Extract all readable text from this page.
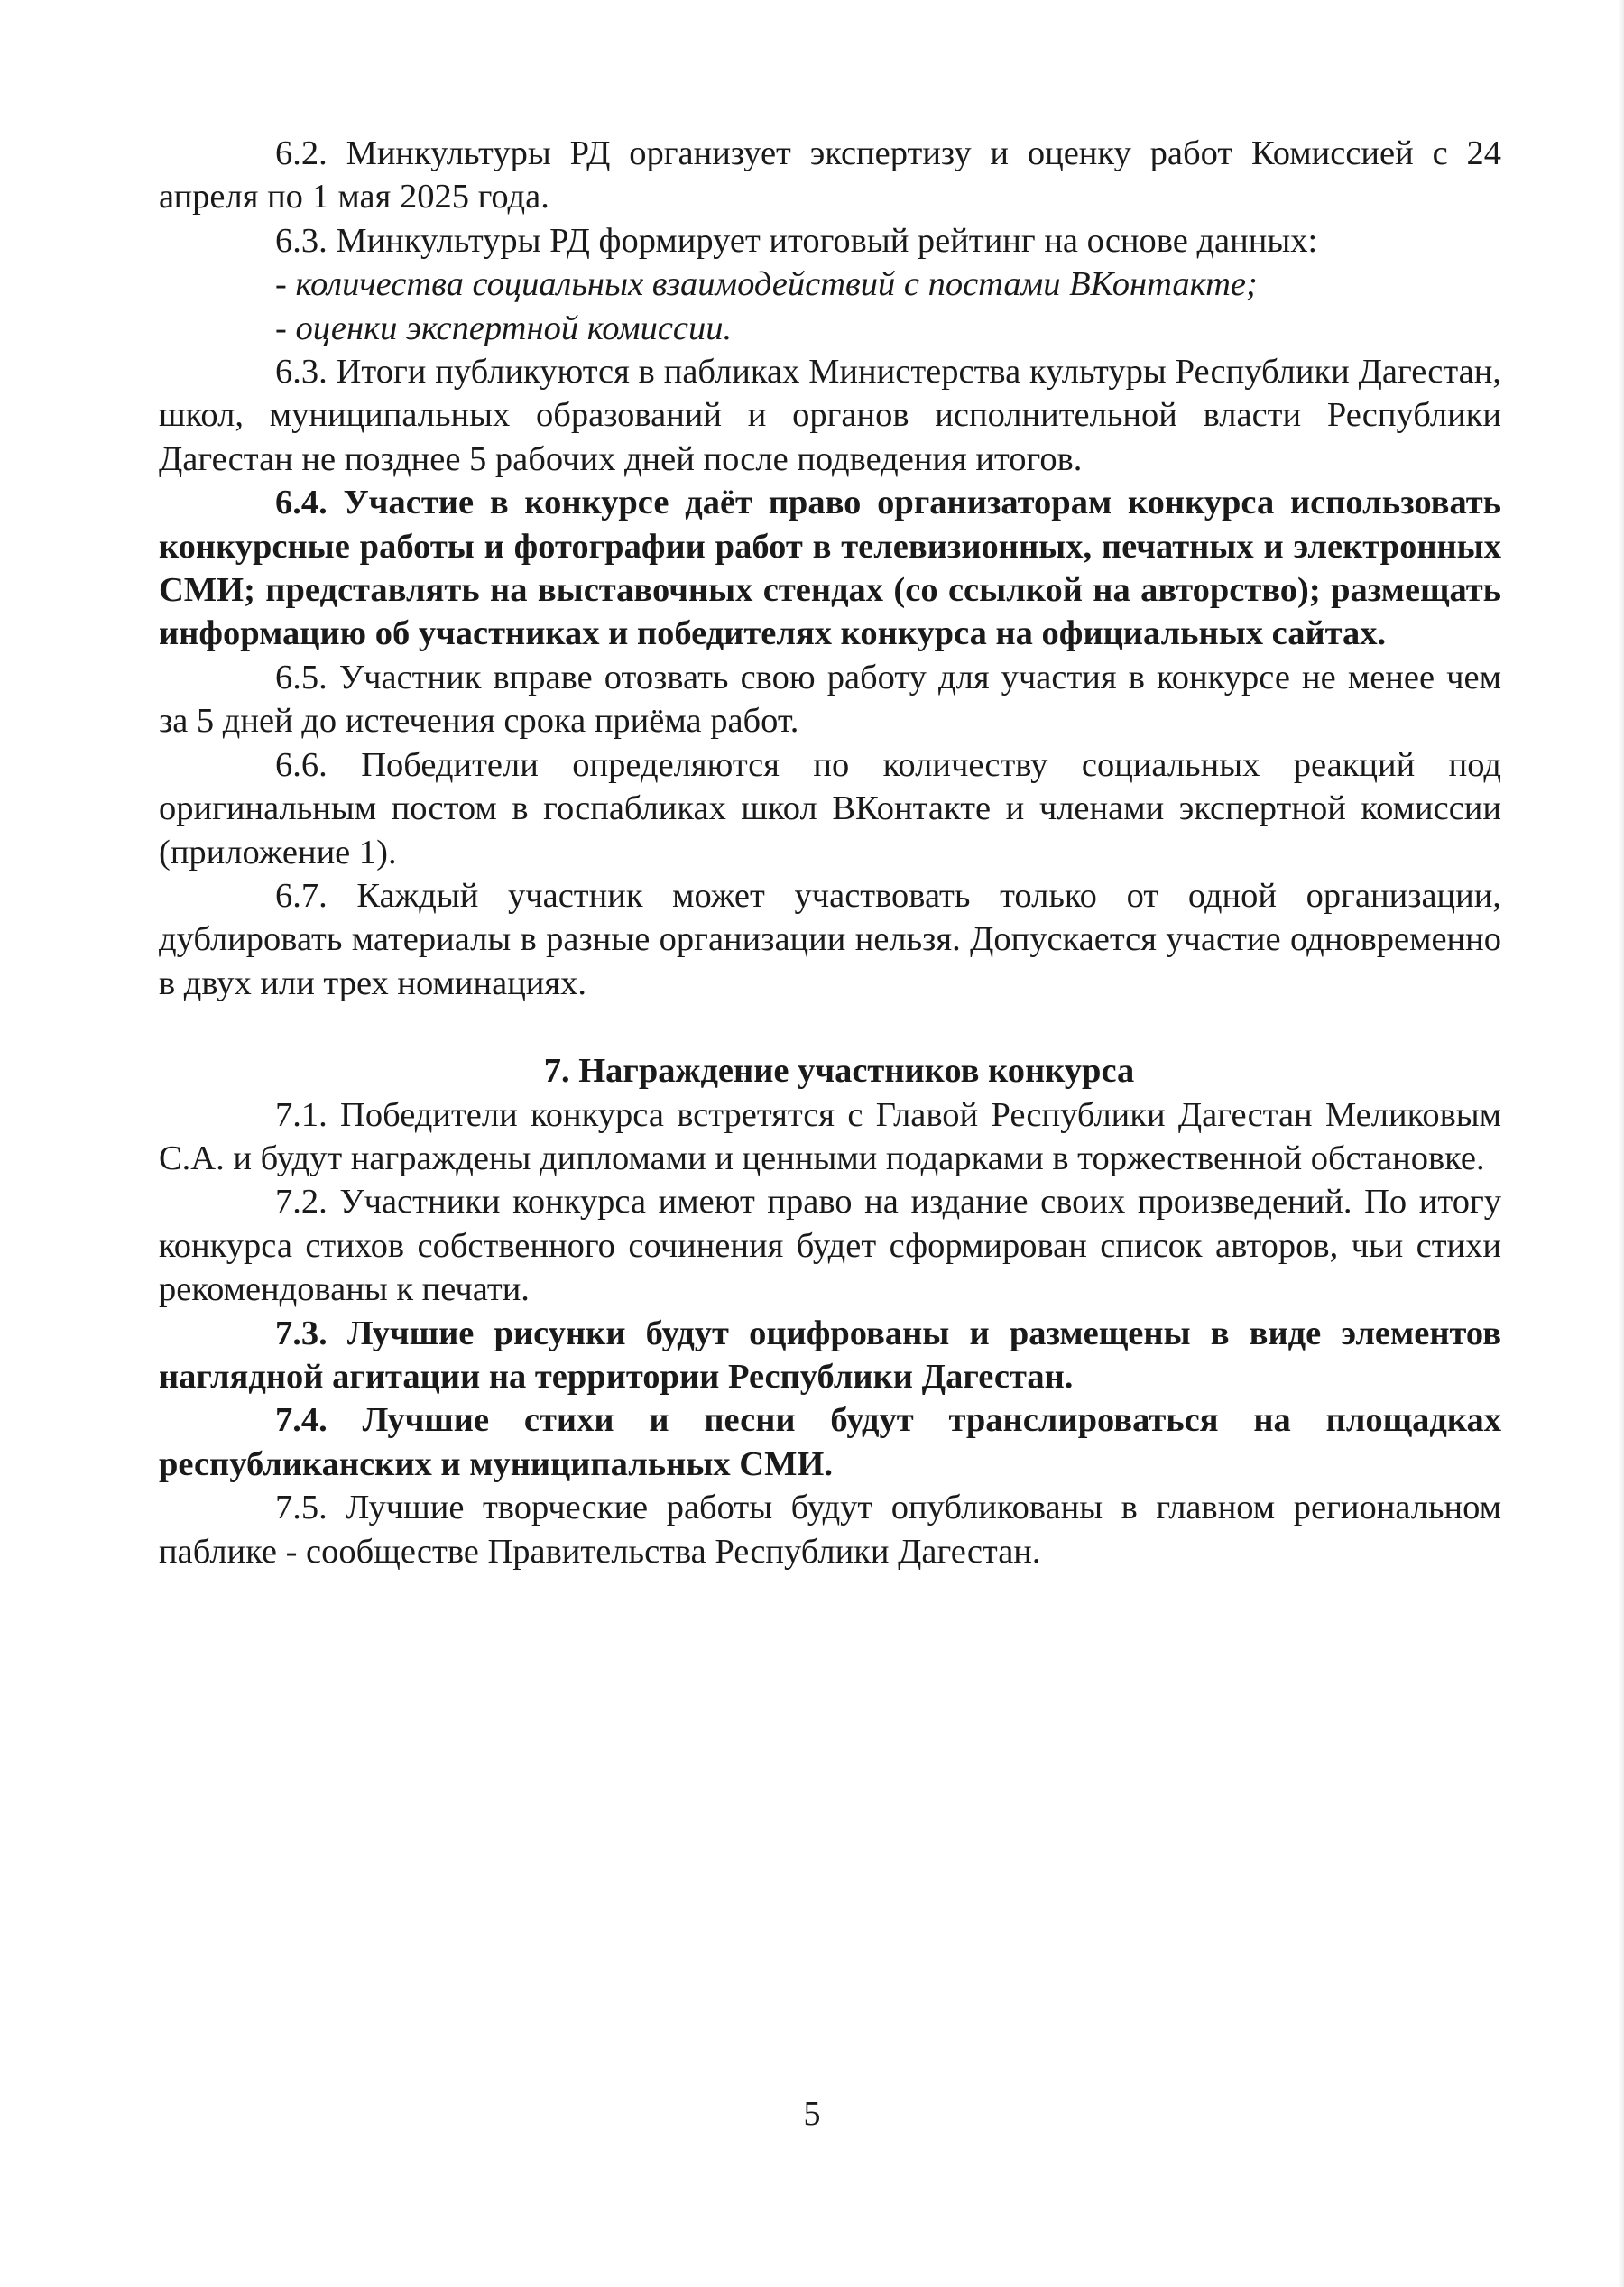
6.2. Минкультуры РД организует экспертизу и оценку работ Комиссией с 24 апреля по 1 мая 2025 года.

6.3. Минкультуры РД формирует итоговый рейтинг на основе данных:

- количества социальных взаимодействий с постами ВКонтакте;

- оценки экспертной комиссии.

6.3. Итоги публикуются в пабликах Министерства культуры Республики Дагестан, школ, муниципальных образований и органов исполнительной власти Республики Дагестан не позднее 5 рабочих дней после подведения итогов.

6.4. Участие в конкурсе даёт право организаторам конкурса использовать конкурсные работы и фотографии работ в телевизионных, печатных и электронных СМИ; представлять на выставочных стендах (со ссылкой на авторство); размещать информацию об участниках и победителях конкурса на официальных сайтах.

6.5. Участник вправе отозвать свою работу для участия в конкурсе не менее чем за 5 дней до истечения срока приёма работ.

6.6. Победители определяются по количеству социальных реакций под оригинальным постом в госпабликах школ ВКонтакте и членами экспертной комиссии (приложение 1).

6.7. Каждый участник может участвовать только от одной организации, дублировать материалы в разные организации нельзя. Допускается участие одновременно в двух или трех номинациях.

7. Награждение участников конкурса

7.1. Победители конкурса встретятся с Главой Республики Дагестан Меликовым С.А. и будут награждены дипломами и ценными подарками в торжественной обстановке.

7.2. Участники конкурса имеют право на издание своих произведений. По итогу конкурса стихов собственного сочинения будет сформирован список авторов, чьи стихи рекомендованы к печати.

7.3. Лучшие рисунки будут оцифрованы и размещены в виде элементов наглядной агитации на территории Республики Дагестан.

7.4. Лучшие стихи и песни будут транслироваться на площадках республиканских и муниципальных СМИ.

7.5. Лучшие творческие работы будут опубликованы в главном региональном паблике - сообществе Правительства Республики Дагестан.

5
